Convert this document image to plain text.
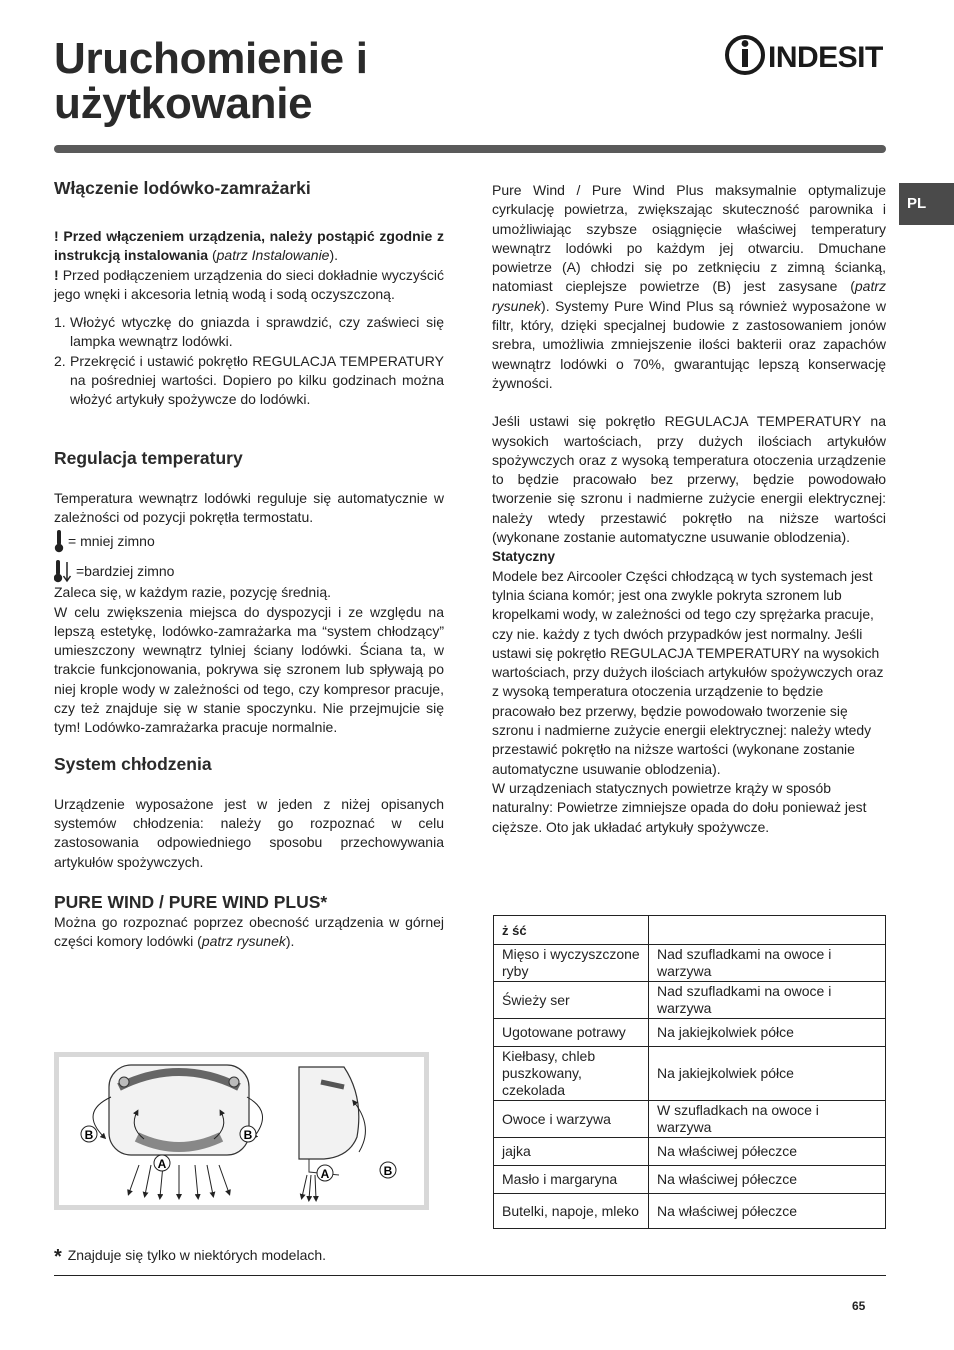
Uruchomienie i
użytkowanie
INDESIT
PL
Włączenie lodówko-zamrażarki

! Przed włączeniem urządzenia, należy postąpić zgodnie z instrukcją instalowania (patrz Instalowanie).

! Przed podłączeniem urządzenia do sieci dokładnie wyczyścić jego wnęki i akcesoria letnią wodą i sodą oczyszczoną.

1. Włożyć wtyczkę do gniazda i sprawdzić, czy zaświeci się lampka wewnątrz lodówki.
2. Przekręcić i ustawić pokrętło REGULACJA TEMPERATURY na pośredniej wartości. Dopiero po kilku godzinach można włożyć artykuły spożywcze do lodówki.
Regulacja temperatury

Temperatura wewnątrz lodówki reguluje się automatycznie w zależności od pozycji pokrętła termostatu.

= mniej zimno
=bardziej zimno

Zaleca się, w każdym razie, pozycję średnią.

W celu zwiększenia miejsca do dyspozycji i ze względu na lepszą estetykę, lodówko-zamrażarka ma “system chłodzący” umieszczony wewnątrz tylniej ściany lodówki. Ściana ta, w trakcie funkcjonowania, pokrywa się szronem lub spływają po niej krople wody w zależności od tego, czy kompresor pracuje, czy też znajduje się w stanie spoczynku. Nie przejmujcie się tym! Lodówko-zamrażarka pracuje normalnie.

System chłodzenia

Urządzenie wyposażone jest w jeden z niżej opisanych systemów chłodzenia: należy go rozpoznać w celu zastosowania odpowiedniego sposobu przechowywania artykułów spożywczych.

PURE WIND / PURE WIND PLUS*

Można go rozpoznać poprzez obecność urządzenia w górnej części komory lodówki (patrz rysunek).

B	B
A
A	B

Pure Wind / Pure Wind Plus maksymalnie optymalizuje cyrkulację powietrza, zwiększając skuteczność parownika i umożliwiając szybsze osiągnięcie właściwej temperatury wewnątrz lodówki po każdym jej otwarciu. Dmuchane powietrze (A) chłodzi się po zetknięciu z zimną ścianką, natomiast cieplejsze powietrze (B) jest zasysane (patrz rysunek). Systemy Pure Wind Plus są również wyposażone w filtr, który, dzięki specjalnej budowie z zastosowaniem jonów srebra, umożliwia zmniejszenie ilości bakterii oraz zapachów wewnątrz lodówki o 70%, gwarantując lepszą konserwację żywności.

Jeśli ustawi się pokrętło REGULACJA TEMPERATURY na wysokich wartościach, przy dużych ilościach artykułów spożywczych oraz z wysoką temperatura otoczenia urządzenie to będzie pracowało bez przerwy, będzie powodowało tworzenie się szronu i nadmierne zużycie energii elektrycznej: należy wtedy przestawić pokrętło na niższe wartości (wykonane zostanie automatyczne usuwanie oblodzenia).

Statyczny

Modele bez Aircooler Części chłodzącą w tych systemach jest tylnia ściana komór; jest ona zwykle pokryta szronem lub kropelkami wody, w zależności od tego czy sprężarka pracuje, czy nie. każdy z tych dwóch przypadków jest normalny. Jeśli ustawi się pokrętło REGULACJA TEMPERATURY na wysokich wartościach, przy dużych ilościach artykułów spożywczych oraz z wysoką temperatura otoczenia urządzenie to będzie pracowało bez przerwy, będzie powodowało tworzenie się szronu i nadmierne zużycie energii elektrycznej: należy wtedy przestawić pokrętło na niższe wartości (wykonane zostanie automatyczne usuwanie oblodzenia).

W urządzeniach statycznych powietrze krąży w sposób naturalny: Powietrze zimniejsze opada do dołu ponieważ jest cięższe. Oto jak układać artykuły spożywcze.

ż ść	
Mięso i wyczyszczone ryby	Nad szufladkami na owoce i warzywa
Świeży ser	Nad szufladkami na owoce i warzywa
Ugotowane potrawy	Na jakiejkolwiek półce
Kiełbasy, chleb puszkowany, czekolada	Na jakiejkolwiek półce
Owoce i warzywa	W szufladkach na owoce i warzywa
jajka	Na właściwej półeczce
Masło i margaryna	Na właściwej półeczce
Butelki, napoje, mleko	Na właściwej półeczce
* Znajduje się tylko w niektórych modelach.
65
